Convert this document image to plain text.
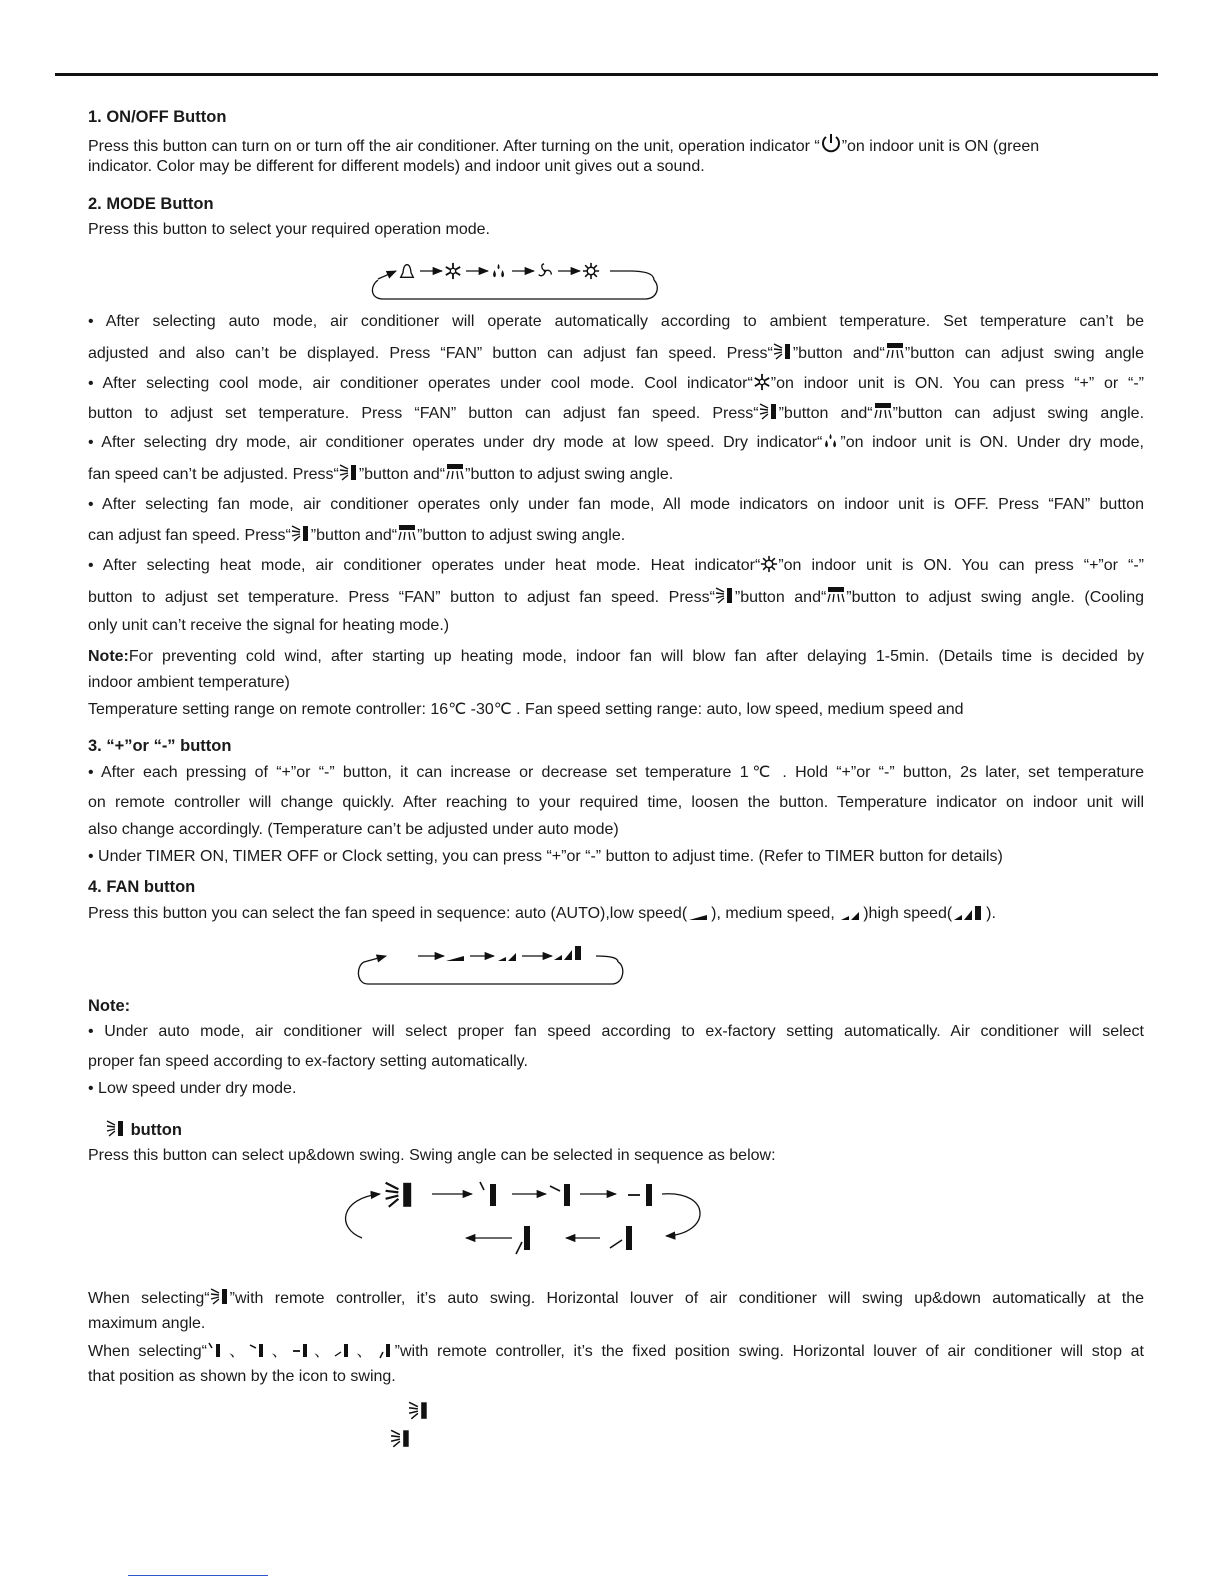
1. ON/OFF Button
Press this button can turn on or turn off the air conditioner. After turning on the unit, operation indicator “ ”on indoor unit is ON (green
indicator. Color may be different for different models) and indoor unit gives out a sound.
2. MODE Button
Press this button to select your required operation mode.
• After selecting auto mode, air conditioner will operate automatically according to ambient temperature. Set temperature can’t be
adjusted and also can’t be displayed. Press “FAN” button can adjust fan speed. Press“ ”button and“ ”button can adjust swing angle
• After selecting cool mode, air conditioner operates under cool mode. Cool indicator“ ”on indoor unit is ON. You can press “+” or “-”
button to adjust set temperature. Press “FAN” button can adjust fan speed. Press“ ”button and“ ”button can adjust swing angle.
• After selecting dry mode, air conditioner operates under dry mode at low speed. Dry indicator“ ”on indoor unit is ON. Under dry mode,
fan speed can’t be adjusted. Press“ ”button and“ ”button to adjust swing angle.
• After selecting fan mode, air conditioner operates only under fan mode, All mode indicators on indoor unit is OFF. Press “FAN” button
can adjust fan speed. Press“ ”button and“ ”button to adjust swing angle.
• After selecting heat mode, air conditioner operates under heat mode. Heat indicator“ ”on indoor unit is ON. You can press “+”or “-”
button to adjust set temperature. Press “FAN” button to adjust fan speed. Press“ ”button and“ ”button to adjust swing angle. (Cooling
only unit can’t receive the signal for heating mode.)
Note:For preventing cold wind, after starting up heating mode, indoor fan will blow fan after delaying 1-5min. (Details time is decided by
indoor ambient temperature)
Temperature setting range on remote controller: 16℃ -30℃ . Fan speed setting range: auto, low speed, medium speed and
3. “+”or “-” button
• After each pressing of “+”or “-” button, it can increase or decrease set temperature 1℃ . Hold “+”or “-” button, 2s later, set temperature
on remote controller will change quickly. After reaching to your required time, loosen the button. Temperature indicator on indoor unit will
also change accordingly. (Temperature can’t be adjusted under auto mode)
• Under TIMER ON, TIMER OFF or Clock setting, you can press “+”or “-” button to adjust time. (Refer to TIMER button for details)
4. FAN button
Press this button you can select the fan speed in sequence: auto (AUTO),low speed( ), medium speed, )high speed( ).
Note:
• Under auto mode, air conditioner will select proper fan speed according to ex-factory setting automatically. Air conditioner will select
proper fan speed according to ex-factory setting automatically.
• Low speed under dry mode.
button
Press this button can select up&down swing. Swing angle can be selected in sequence as below:
When selecting“ ”with remote controller, it’s auto swing. Horizontal louver of air conditioner will swing up&down automatically at the
maximum angle.
When selecting“ 、 、 、 、 ”with remote controller, it’s the fixed position swing. Horizontal louver of air conditioner will stop at
that position as shown by the icon to swing.
